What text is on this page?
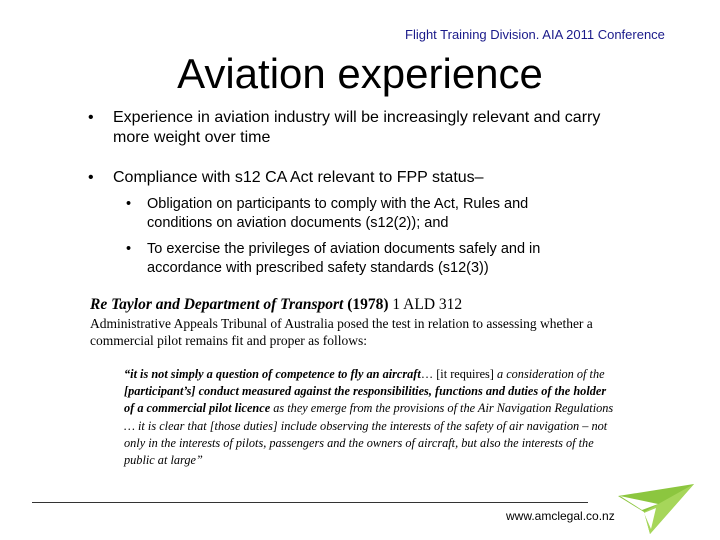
Flight Training Division. AIA 2011 Conference
Aviation experience
• Experience in aviation industry will be increasingly relevant and carry more weight over time
• Compliance with s12 CA Act relevant to FPP status–
• Obligation on participants to comply with the Act, Rules and conditions on aviation documents (s12(2)); and
• To exercise the privileges of aviation documents safely and in accordance with prescribed safety standards (s12(3))
Re Taylor and Department of Transport (1978) 1 ALD 312
Administrative Appeals Tribunal of Australia posed the test in relation to assessing whether a commercial pilot remains fit and proper as follows:
“it is not simply a question of competence to fly an aircraft… [it requires] a consideration of the [participant’s] conduct measured against the responsibilities, functions and duties of the holder of a commercial pilot licence as they emerge from the provisions of the Air Navigation Regulations … it is clear that [those duties] include observing the interests of the safety of air navigation – not only in the interests of pilots, passengers and the owners of aircraft, but also the interests of the public at large”
www.amclegal.co.nz
